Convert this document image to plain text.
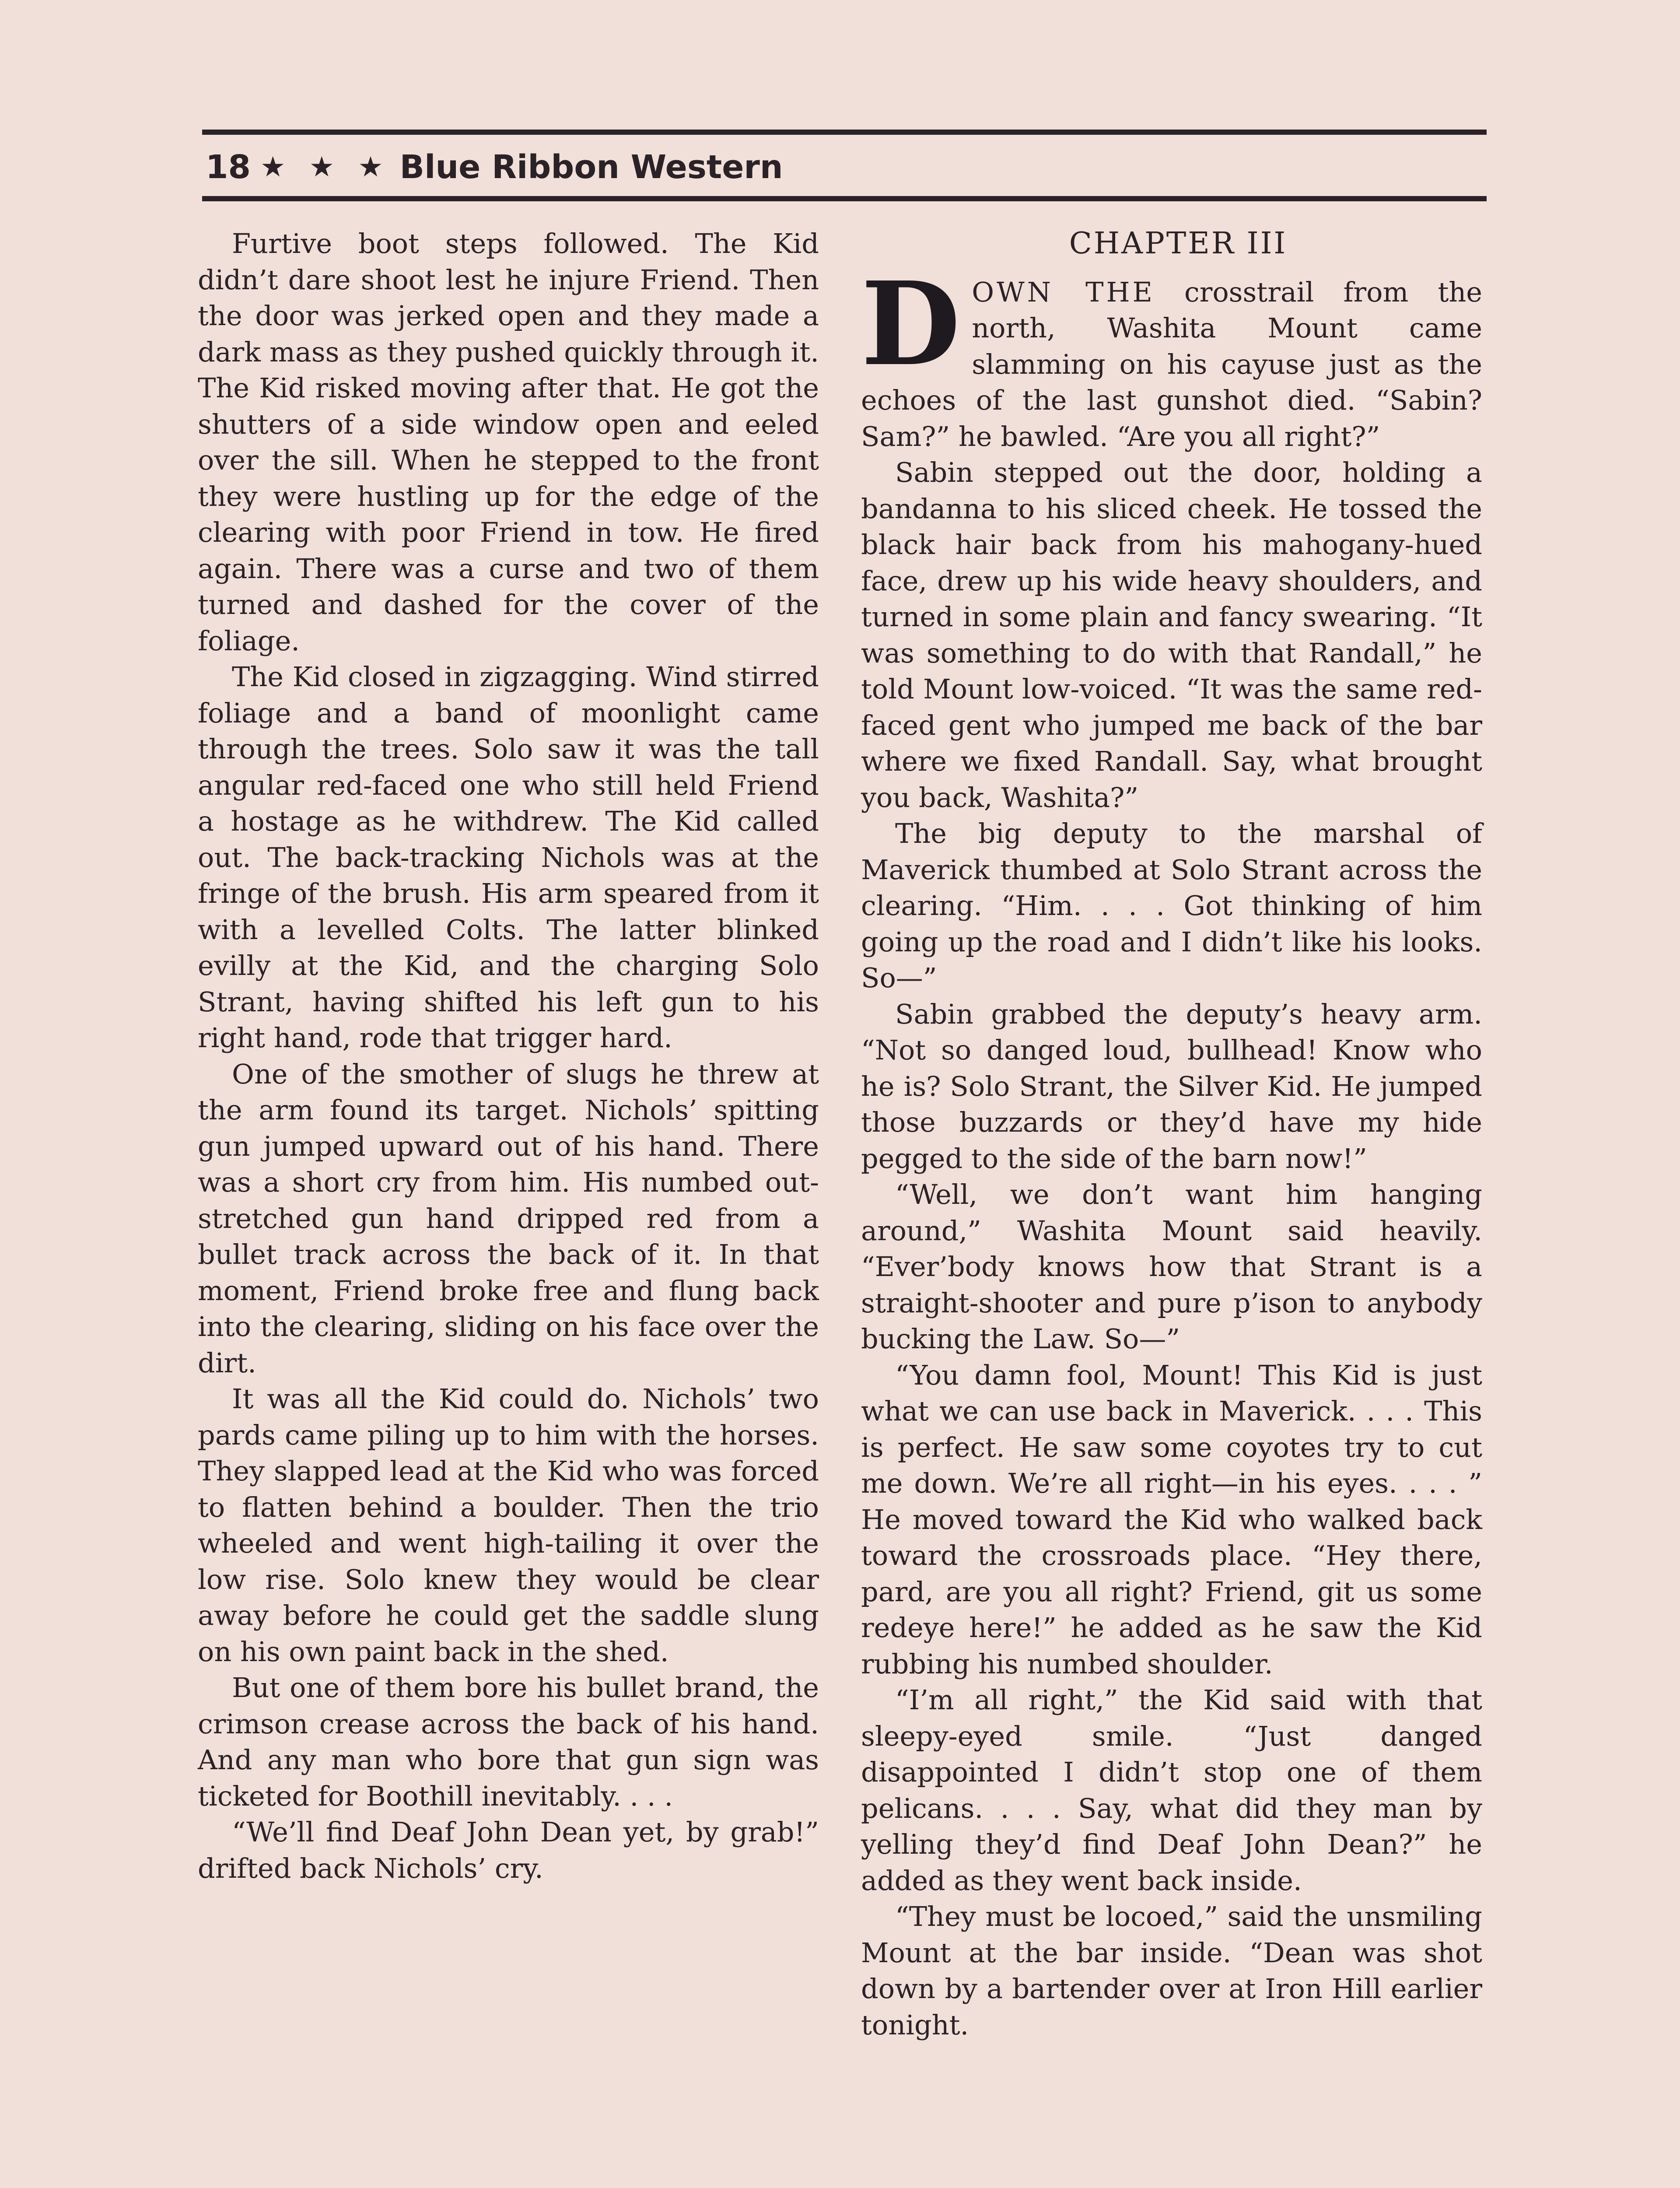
18 ★ ★ ★ Blue Ribbon Western

Furtive boot steps followed. The Kid didn’t dare shoot lest he injure Friend. Then the door was jerked open and they made a dark mass as they pushed quickly through it. The Kid risked moving after that. He got the shutters of a side window open and eeled over the sill. When he stepped to the front they were hustling up for the edge of the clearing with poor Friend in tow. He fired again. There was a curse and two of them turned and dashed for the cover of the foliage.

The Kid closed in zigzagging. Wind stirred foliage and a band of moonlight came through the trees. Solo saw it was the tall angular red-faced one who still held Friend a hostage as he withdrew. The Kid called out. The back-tracking Nichols was at the fringe of the brush. His arm speared from it with a levelled Colts. The latter blinked evilly at the Kid, and the charging Solo Strant, having shifted his left gun to his right hand, rode that trigger hard.

One of the smother of slugs he threw at the arm found its target. Nichols’ spitting gun jumped upward out of his hand. There was a short cry from him. His numbed out-stretched gun hand dripped red from a bullet track across the back of it. In that moment, Friend broke free and flung back into the clearing, sliding on his face over the dirt.

It was all the Kid could do. Nichols’ two pards came piling up to him with the horses. They slapped lead at the Kid who was forced to flatten behind a boulder. Then the trio wheeled and went high-tailing it over the low rise. Solo knew they would be clear away before he could get the saddle slung on his own paint back in the shed.

But one of them bore his bullet brand, the crimson crease across the back of his hand. And any man who bore that gun sign was ticketed for Boothill inevitably. . . .

“We’ll find Deaf John Dean yet, by grab!” drifted back Nichols’ cry.

CHAPTER III

DOWN THE crosstrail from the north, Washita Mount came slamming on his cayuse just as the echoes of the last gunshot died. “Sabin? Sam?” he bawled. “Are you all right?”

Sabin stepped out the door, holding a bandanna to his sliced cheek. He tossed the black hair back from his mahogany-hued face, drew up his wide heavy shoulders, and turned in some plain and fancy swearing. “It was something to do with that Randall,” he told Mount low-voiced. “It was the same red-faced gent who jumped me back of the bar where we fixed Randall. Say, what brought you back, Washita?”

The big deputy to the marshal of Maverick thumbed at Solo Strant across the clearing. “Him. . . . Got thinking of him going up the road and I didn’t like his looks. So—”

Sabin grabbed the deputy’s heavy arm. “Not so danged loud, bullhead! Know who he is? Solo Strant, the Silver Kid. He jumped those buzzards or they’d have my hide pegged to the side of the barn now!”

“Well, we don’t want him hanging around,” Washita Mount said heavily. “Ever’body knows how that Strant is a straight-shooter and pure p’ison to anybody bucking the Law. So—”

“You damn fool, Mount! This Kid is just what we can use back in Maverick. . . . This is perfect. He saw some coyotes try to cut me down. We’re all right—in his eyes. . . . ” He moved toward the Kid who walked back toward the crossroads place. “Hey there, pard, are you all right? Friend, git us some redeye here!” he added as he saw the Kid rubbing his numbed shoulder.

“I’m all right,” the Kid said with that sleepy-eyed smile. “Just danged disappointed I didn’t stop one of them pelicans. . . . Say, what did they man by yelling they’d find Deaf John Dean?” he added as they went back inside.

“They must be locoed,” said the unsmiling Mount at the bar inside. “Dean was shot down by a bartender over at Iron Hill earlier tonight.
